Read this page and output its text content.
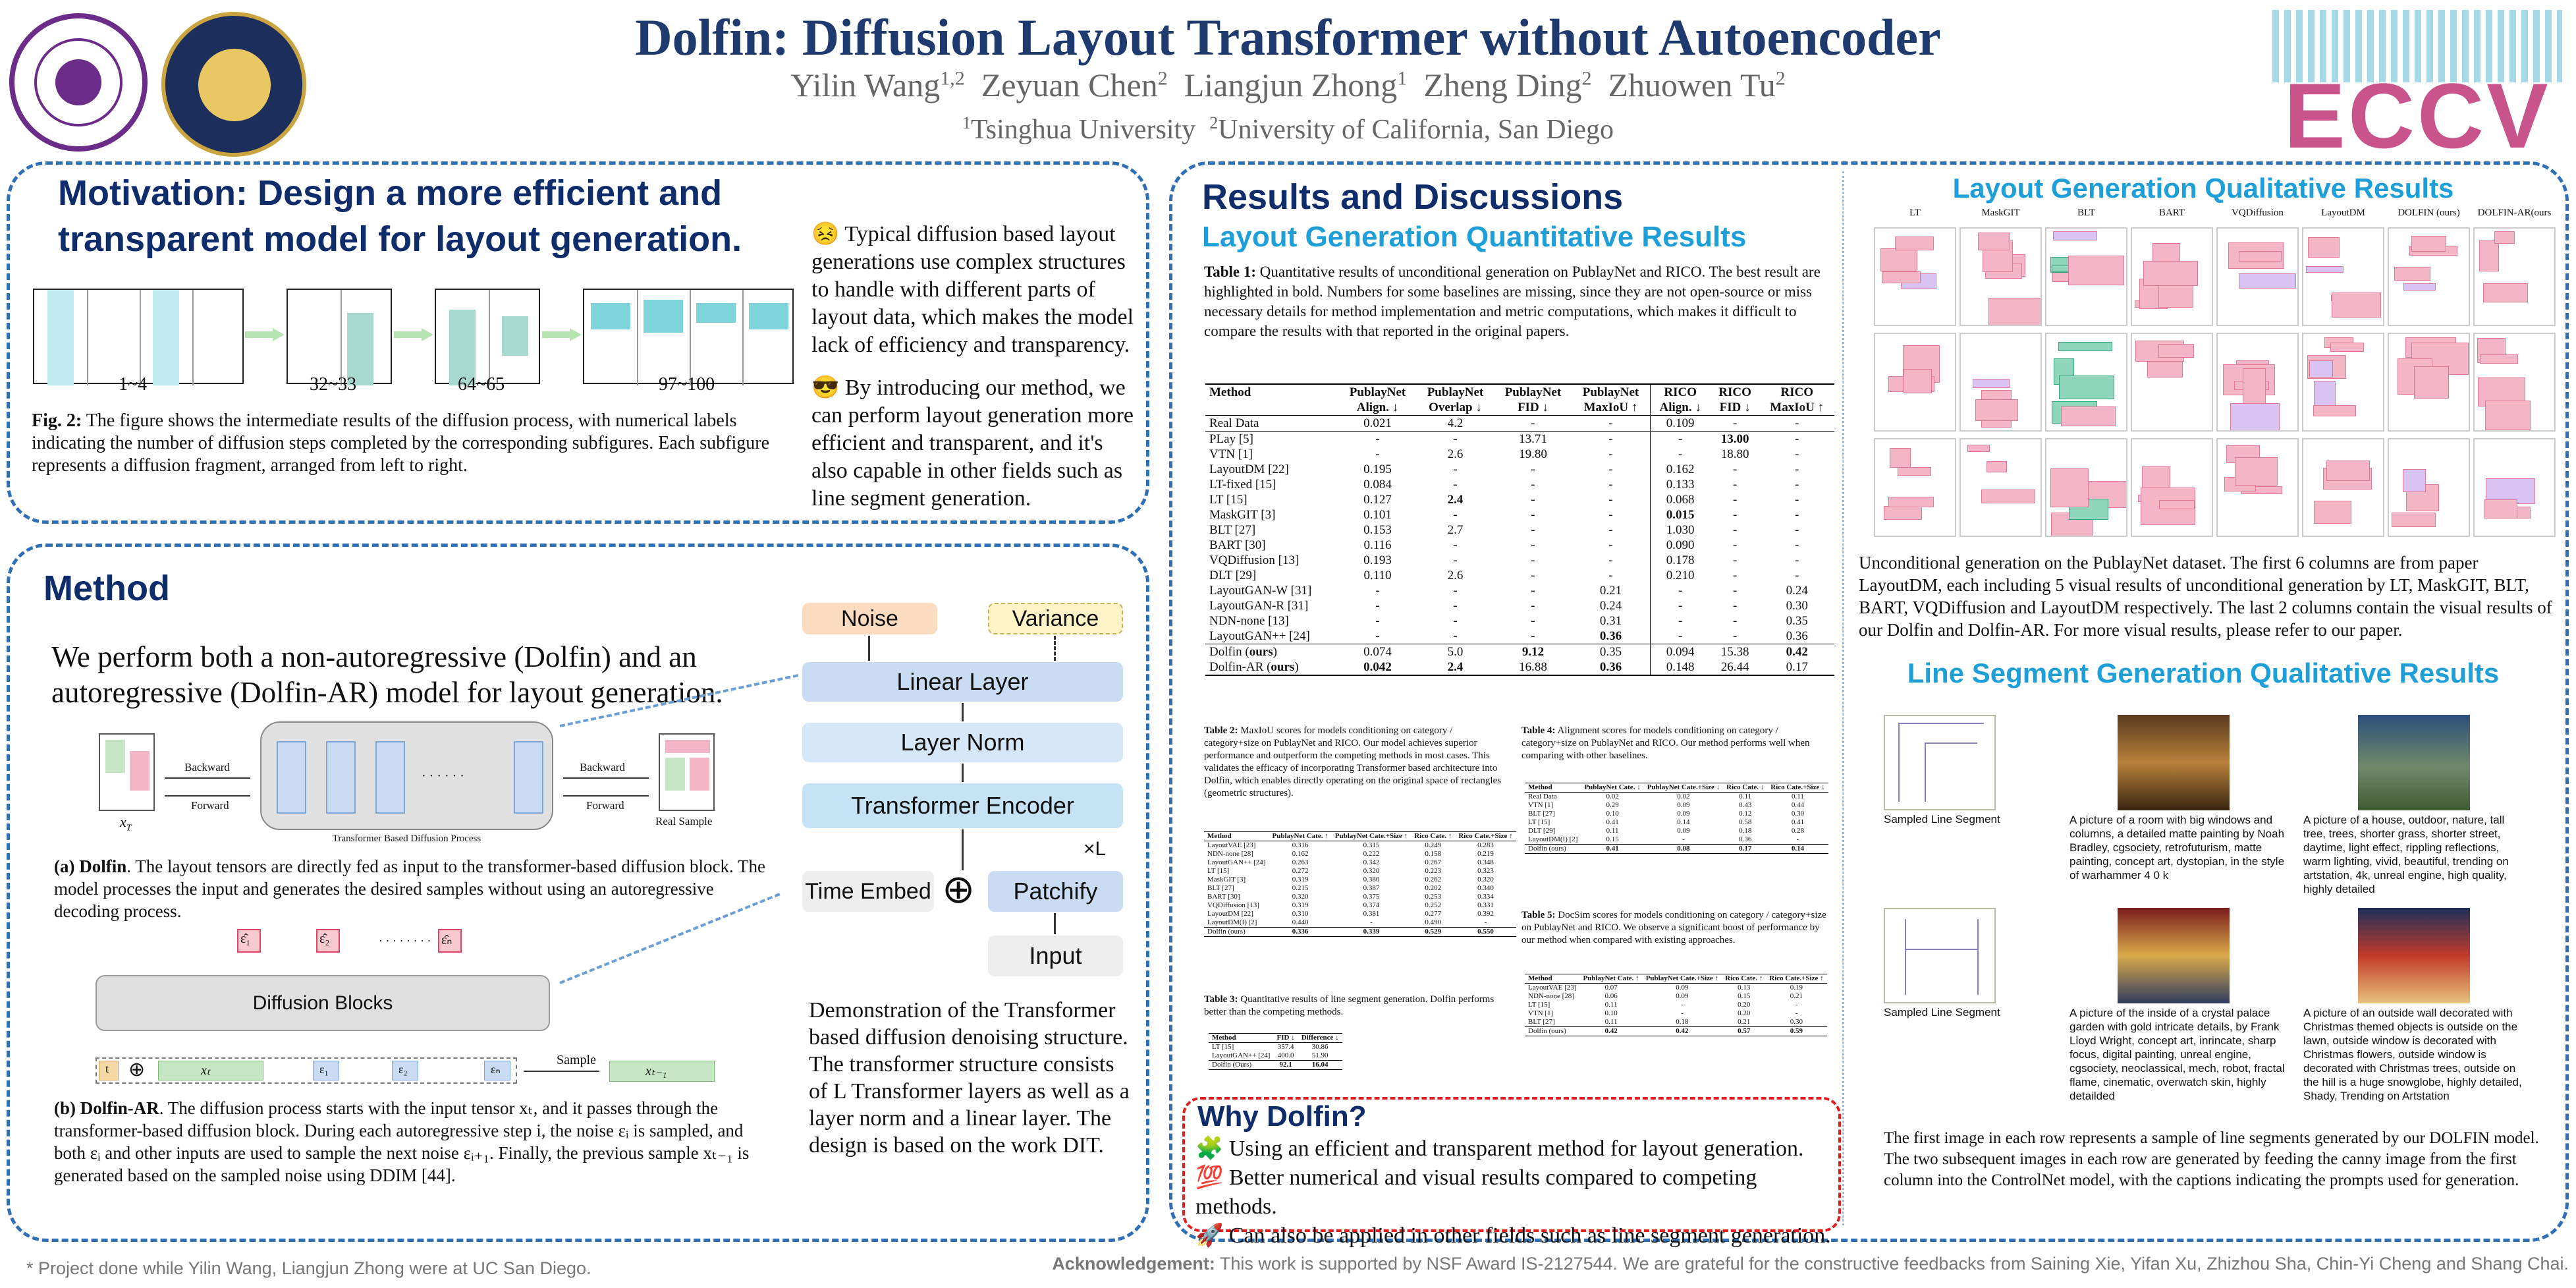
Dolfin: Diffusion Layout Transformer without Autoencoder
Yilin Wang$^{1,2}$ Zeyuan Chen$^2$ Liangjun Zhong$^1$ Zheng Ding$^2$ Zhuowen Tu$^2$
$^1$Tsinghua University $^2$University of California, San Diego	ECCV
Motivation: Design a more efficient and transparent model for layout generation.
1~4	32~33	64~65	97~100
Fig. 2: The figure shows the intermediate results of the diffusion process, with numerical labels indicating the number of diffusion steps completed by the corresponding subfigures. Each subfigure represents a diffusion fragment, arranged from left to right.
😣 Typical diffusion based layout generations use complex structures to handle with different parts of layout data, which makes the model lack of efficiency and transparency.
😎 By introducing our method, we can perform layout generation more efficient and transparent, and it's also capable in other fields such as line segment generation.
Method
We perform both a non-autoregressive (Dolfin) and an autoregressive (Dolfin-AR) model for layout generation.
$x_T$
Backward
Forward
· · · · · ·
Transformer Based Diffusion Process
Backward
Forward
Real Sample
(a) Dolfin. The layout tensors are directly fed as input to the transformer-based diffusion block. The model processes the input and generates the desired samples without using an autoregressive decoding process.
ε̂₁	ε̂₂	· · · · · · · · ε̂ₙ
Diffusion Blocks
t ⊕	xₜ	ε₁	ε₂	εₙ
Sample
xₜ₋₁
(b) Dolfin-AR. The diffusion process starts with the input tensor xₜ, and it passes through the transformer-based diffusion block. During each autoregressive step i, the noise εᵢ is sampled, and both εᵢ and other inputs are used to sample the next noise εᵢ₊₁. Finally, the previous sample xₜ₋₁ is generated based on the sampled noise using DDIM [44].
Noise	Variance
Linear Layer
Layer Norm
Transformer Encoder
×L
Time Embed ⊕	Patchify
Input
Demonstration of the Transformer based diffusion denoising structure. The transformer structure consists of L Transformer layers as well as a layer norm and a linear layer. The design is based on the work DIT.
Results and Discussions
Layout Generation Quantitative Results
Table 1: Quantitative results of unconditional generation on PublayNet and RICO. The best result are highlighted in bold. Numbers for some baselines are missing, since they are not open-source or miss necessary details for method implementation and metric computations, which makes it difficult to compare the results with that reported in the original papers.
Method	PublayNet	PublayNet	PublayNet	PublayNet	RICO	RICO	RICO
	Align. ↓	Overlap ↓	FID ↓	MaxIoU ↑	Align. ↓	FID ↓	MaxIoU ↑
Real Data	0.021	4.2	-	-	0.109	-	-
PLay [5]	-	-	13.71	-	-	13.00	-
VTN [1]	-	2.6	19.80	-	-	18.80	-
LayoutDM [22]	0.195	-	-	-	0.162	-	-
LT-fixed [15]	0.084	-	-	-	0.133	-	-
LT [15]	0.127	2.4	-	-	0.068	-	-
MaskGIT [3]	0.101	-	-	-	0.015	-	-
BLT [27]	0.153	2.7	-	-	1.030	-	-
BART [30]	0.116	-	-	-	0.090	-	-
VQDiffusion [13]	0.193	-	-	-	0.178	-	-
DLT [29]	0.110	2.6	-	-	0.210	-	-
LayoutGAN-W [31]	-	-	-	0.21	-	-	0.24
LayoutGAN-R [31]	-	-	-	0.24	-	-	0.30
NDN-none [13]	-	-	-	0.31	-	-	0.35
LayoutGAN++ [24]	-	-	-	0.36	-	-	0.36
Dolfin (ours)	0.074	5.0	9.12	0.35	0.094	15.38	0.42
Dolfin-AR (ours)	0.042	2.4	16.88	0.36	0.148	26.44	0.17
Table 2: MaxIoU scores for models conditioning on category / category+size on PublayNet and RICO. Our model achieves superior performance and outperform the competing methods in most cases. This validates the efficacy of incorporating Transformer based architecture into Dolfin, which enables directly operating on the original space of rectangles (geometric structures).
Method	PublayNet Cate. ↑	PublayNet Cate.+Size ↑	Rico Cate. ↑	Rico Cate.+Size ↑
LayoutVAE [23]	0.316	0.315	0.249	0.283
NDN-none [28]	0.162	0.222	0.158	0.219
LayoutGAN++ [24]	0.263	0.342	0.267	0.348
LT [15]	0.272	0.320	0.223	0.323
MaskGIT [3]	0.319	0.380	0.262	0.320
BLT [27]	0.215	0.387	0.202	0.340
BART [30]	0.320	0.375	0.253	0.334
VQDiffusion [13]	0.319	0.374	0.252	0.331
LayoutDM [22]	0.310	0.381	0.277	0.392
LayoutDM(I) [2]	0.440	-	0.490	-
Dolfin (ours)	0.336	0.339	0.529	0.550
Table 3: Quantitative results of line segment generation. Dolfin performs better than the competing methods.
Method	FID ↓	Difference ↓
LT [15]	357.4	30.86
LayoutGAN++ [24]	400.0	51.90
Dolfin (Ours)	92.1	16.04
Table 4: Alignment scores for models conditioning on category / category+size on PublayNet and RICO. Our method performs well when comparing with other baselines.
Method	PublayNet Cate. ↓	PublayNet Cate.+Size ↓	Rico Cate. ↓	Rico Cate.+Size ↓
Real Data	0.02	0.02	0.11	0.11
VTN [1]	0.29	0.09	0.43	0.44
BLT [27]	0.10	0.09	0.12	0.30
LT [15]	0.41	0.14	0.58	0.41
DLT [29]	0.11	0.09	0.18	0.28
LayoutDM(I) [2]	0.15	-	0.36	-
Dolfin (ours)	0.41	0.08	0.17	0.14
Table 5: DocSim scores for models conditioning on category / category+size on PublayNet and RICO. We observe a significant boost of performance by our method when compared with existing approaches.
Method	PublayNet Cate. ↑	PublayNet Cate.+Size ↑	Rico Cate. ↑	Rico Cate.+Size ↑
LayoutVAE [23]	0.07	0.09	0.13	0.19
NDN-none [28]	0.06	0.09	0.15	0.21
LT [15]	0.11	-	0.20	-
VTN [1]	0.10	-	0.20	-
BLT [27]	0.11	0.18	0.21	0.30
Dolfin (ours)	0.42	0.42	0.57	0.59
Why Dolfin?
🧩 Using an efficient and transparent method for layout generation.
💯 Better numerical and visual results compared to competing methods.
🚀 Can also be applied in other fields such as line segment generation.
Layout Generation Qualitative Results
LT	MaskGIT	BLT	BART	VQDiffusion	LayoutDM	DOLFIN (ours)	DOLFIN-AR(ours
Unconditional generation on the PublayNet dataset. The first 6 columns are from paper LayoutDM, each including 5 visual results of unconditional generation by LT, MaskGIT, BLT, BART, VQDiffusion and LayoutDM respectively. The last 2 columns contain the visual results of our Dolfin and Dolfin-AR. For more visual results, please refer to our paper.
Line Segment Generation Qualitative Results
Sampled Line Segment	A picture of a room with big windows and columns, a detailed matte painting by Noah Bradley, cgsociety, retrofuturism, matte painting, concept art, dystopian, in the style of warhammer 4 0 k
A picture of a house, outdoor, nature, tall tree, trees, shorter grass, shorter street, daytime, light effect, rippling reflections, warm lighting, vivid, beautiful, trending on artstation, 4k, unreal engine, high quality, highly detailed
Sampled Line Segment	A picture of the inside of a crystal palace garden with gold intricate details, by Frank Lloyd Wright, concept art, inrincate, sharp focus, digital painting, unreal engine, cgsociety, neoclassical, mech, robot, fractal flame, cinematic, overwatch skin, highly detailded
A picture of an outside wall decorated with Christmas themed objects is outside on the lawn, outside window is decorated with Christmas flowers, outside window is decorated with Christmas trees, outside on the hill is a huge snowglobe, highly detailed, Shady, Trending on Artstation
The first image in each row represents a sample of line segments generated by our DOLFIN model. The two subsequent images in each row are generated by feeding the canny image from the first column into the ControlNet model, with the captions indicating the prompts used for generation.
* Project done while Yilin Wang, Liangjun Zhong were at UC San Diego.	Acknowledgement: This work is supported by NSF Award IS-2127544. We are grateful for the constructive feedbacks from Saining Xie, Yifan Xu, Zhizhou Sha, Chin-Yi Cheng and Shang Chai.
